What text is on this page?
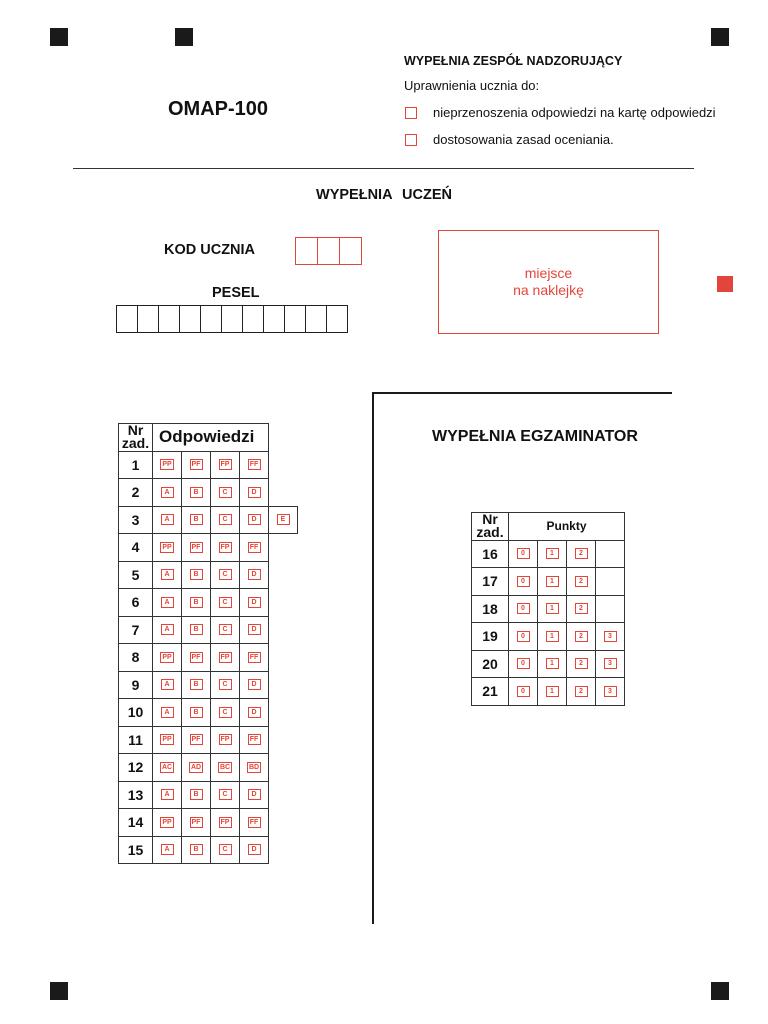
OMAP-100
WYPEŁNIA ZESPÓŁ NADZORUJĄCY
Uprawnienia ucznia do:
nieprzenoszenia odpowiedzi na kartę odpowiedzi
dostosowania zasad oceniania.
WYPEŁNIA UCZEŃ
KOD UCZNIA
PESEL
miejsce
na naklejkę
WYPEŁNIA EGZAMINATOR
Nr
zad.	Odpowiedzi				
1	PP	PF	FP	FF	
2	A	B	C	D	
3	A	B	C	D	E
4	PP	PF	FP	FF	
5	A	B	C	D	
6	A	B	C	D	
7	A	B	C	D	
8	PP	PF	FP	FF	
9	A	B	C	D	
10	A	B	C	D	
11	PP	PF	FP	FF	
12	AC	AD	BC	BD	
13	A	B	C	D	
14	PP	PF	FP	FF	
15	A	B	C	D	
Nr
zad.	Punkty			
16	0	1	2	
17	0	1	2	
18	0	1	2	
19	0	1	2	3
20	0	1	2	3
21	0	1	2	3
